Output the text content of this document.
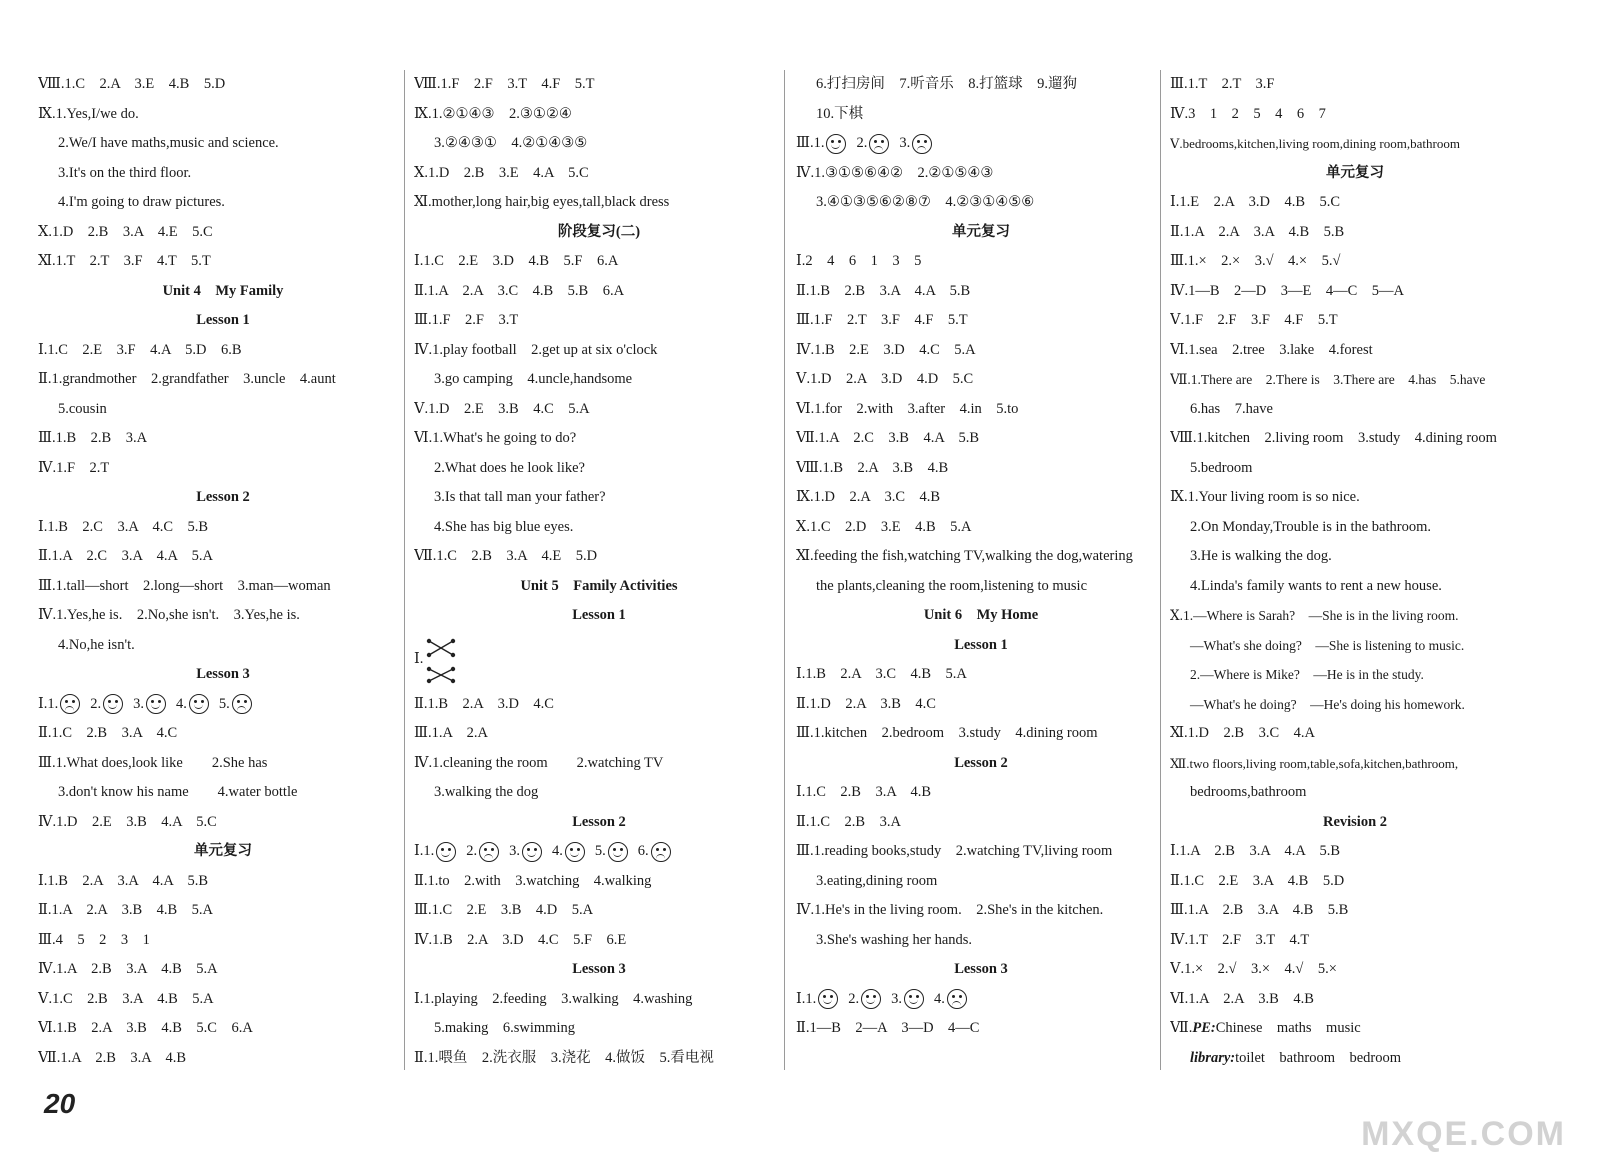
Ⅷ.1.C　2.A　3.E　4.B　5.D
Ⅸ.1.Yes,I/we do.
2.We/I have maths,music and science.
3.It's on the third floor.
4.I'm going to draw pictures.
Ⅹ.1.D　2.B　3.A　4.E　5.C
Ⅺ.1.T　2.T　3.F　4.T　5.T
Unit 4　My Family
Lesson 1
Ⅰ.1.C　2.E　3.F　4.A　5.D　6.B
Ⅱ.1.grandmother　2.grandfather　3.uncle　4.aunt
5.cousin
Ⅲ.1.B　2.B　3.A
Ⅳ.1.F　2.T
Lesson 2
Ⅰ.1.B　2.C　3.A　4.C　5.B
Ⅱ.1.A　2.C　3.A　4.A　5.A
Ⅲ.1.tall—short　2.long—short　3.man—woman
Ⅳ.1.Yes,he is.　2.No,she isn't.　3.Yes,he is.
4.No,he isn't.
Lesson 3
Ⅰ.1. 2. 3. 4. 5.
Ⅱ.1.C　2.B　3.A　4.C
Ⅲ.1.What does,look like　　2.She has
3.don't know his name　　4.water bottle
Ⅳ.1.D　2.E　3.B　4.A　5.C
单元复习
Ⅰ.1.B　2.A　3.A　4.A　5.B
Ⅱ.1.A　2.A　3.B　4.B　5.A
Ⅲ.4　5　2　3　1
Ⅳ.1.A　2.B　3.A　4.B　5.A
Ⅴ.1.C　2.B　3.A　4.B　5.A
Ⅵ.1.B　2.A　3.B　4.B　5.C　6.A
Ⅶ.1.A　2.B　3.A　4.B
Ⅷ.1.F　2.F　3.T　4.F　5.T
Ⅸ.1.②①④③　2.③①②④
3.②④③①　4.②①④③⑤
Ⅹ.1.D　2.B　3.E　4.A　5.C
Ⅺ.mother,long hair,big eyes,tall,black dress
阶段复习(二)
Ⅰ.1.C　2.E　3.D　4.B　5.F　6.A
Ⅱ.1.A　2.A　3.C　4.B　5.B　6.A
Ⅲ.1.F　2.F　3.T
Ⅳ.1.play football　2.get up at six o'clock
3.go camping　4.uncle,handsome
Ⅴ.1.D　2.E　3.B　4.C　5.A
Ⅵ.1.What's he going to do?
2.What does he look like?
3.Is that tall man your father?
4.She has big blue eyes.
Ⅶ.1.C　2.B　3.A　4.E　5.D
Unit 5　Family Activities
Lesson 1
Ⅰ.
Ⅱ.1.B　2.A　3.D　4.C
Ⅲ.1.A　2.A
Ⅳ.1.cleaning the room　　2.watching TV
3.walking the dog
Lesson 2
Ⅰ.1. 2. 3. 4. 5. 6.
Ⅱ.1.to　2.with　3.watching　4.walking
Ⅲ.1.C　2.E　3.B　4.D　5.A
Ⅳ.1.B　2.A　3.D　4.C　5.F　6.E
Lesson 3
Ⅰ.1.playing　2.feeding　3.walking　4.washing
5.making　6.swimming
Ⅱ.1.喂鱼　2.洗衣服　3.浇花　4.做饭　5.看电视
6.打扫房间　7.听音乐　8.打篮球　9.遛狗
10.下棋
Ⅲ.1. 2. 3.
Ⅳ.1.③①⑤⑥④②　2.②①⑤④③
3.④①③⑤⑥②⑧⑦　4.②③①④⑤⑥
单元复习
Ⅰ.2　4　6　1　3　5
Ⅱ.1.B　2.B　3.A　4.A　5.B
Ⅲ.1.F　2.T　3.F　4.F　5.T
Ⅳ.1.B　2.E　3.D　4.C　5.A
Ⅴ.1.D　2.A　3.D　4.D　5.C
Ⅵ.1.for　2.with　3.after　4.in　5.to
Ⅶ.1.A　2.C　3.B　4.A　5.B
Ⅷ.1.B　2.A　3.B　4.B
Ⅸ.1.D　2.A　3.C　4.B
Ⅹ.1.C　2.D　3.E　4.B　5.A
Ⅺ.feeding the fish,watching TV,walking the dog,watering
the plants,cleaning the room,listening to music
Unit 6　My Home
Lesson 1
Ⅰ.1.B　2.A　3.C　4.B　5.A
Ⅱ.1.D　2.A　3.B　4.C
Ⅲ.1.kitchen　2.bedroom　3.study　4.dining room
Lesson 2
Ⅰ.1.C　2.B　3.A　4.B
Ⅱ.1.C　2.B　3.A
Ⅲ.1.reading books,study　2.watching TV,living room
3.eating,dining room
Ⅳ.1.He's in the living room.　2.She's in the kitchen.
3.She's washing her hands.
Lesson 3
Ⅰ.1. 2. 3. 4.
Ⅱ.1—B　2—A　3—D　4—C
Ⅲ.1.T　2.T　3.F
Ⅳ.3　1　2　5　4　6　7
Ⅴ.bedrooms,kitchen,living room,dining room,bathroom
单元复习
Ⅰ.1.E　2.A　3.D　4.B　5.C
Ⅱ.1.A　2.A　3.A　4.B　5.B
Ⅲ.1.×　2.×　3.√　4.×　5.√
Ⅳ.1—B　2—D　3—E　4—C　5—A
Ⅴ.1.F　2.F　3.F　4.F　5.T
Ⅵ.1.sea　2.tree　3.lake　4.forest
Ⅶ.1.There are　2.There is　3.There are　4.has　5.have
6.has　7.have
Ⅷ.1.kitchen　2.living room　3.study　4.dining room
5.bedroom
Ⅸ.1.Your living room is so nice.
2.On Monday,Trouble is in the bathroom.
3.He is walking the dog.
4.Linda's family wants to rent a new house.
Ⅹ.1.—Where is Sarah?　—She is in the living room.
—What's she doing?　—She is listening to music.
2.—Where is Mike?　—He is in the study.
—What's he doing?　—He's doing his homework.
Ⅺ.1.D　2.B　3.C　4.A
Ⅻ.two floors,living room,table,sofa,kitchen,bathroom,
bedrooms,bathroom
Revision 2
Ⅰ.1.A　2.B　3.A　4.A　5.B
Ⅱ.1.C　2.E　3.A　4.B　5.D
Ⅲ.1.A　2.B　3.A　4.B　5.B
Ⅳ.1.T　2.F　3.T　4.T
Ⅴ.1.×　2.√　3.×　4.√　5.×
Ⅵ.1.A　2.A　3.B　4.B
Ⅶ.PE:Chinese　maths　music
library:toilet　bathroom　bedroom
20
MXQE.COM
